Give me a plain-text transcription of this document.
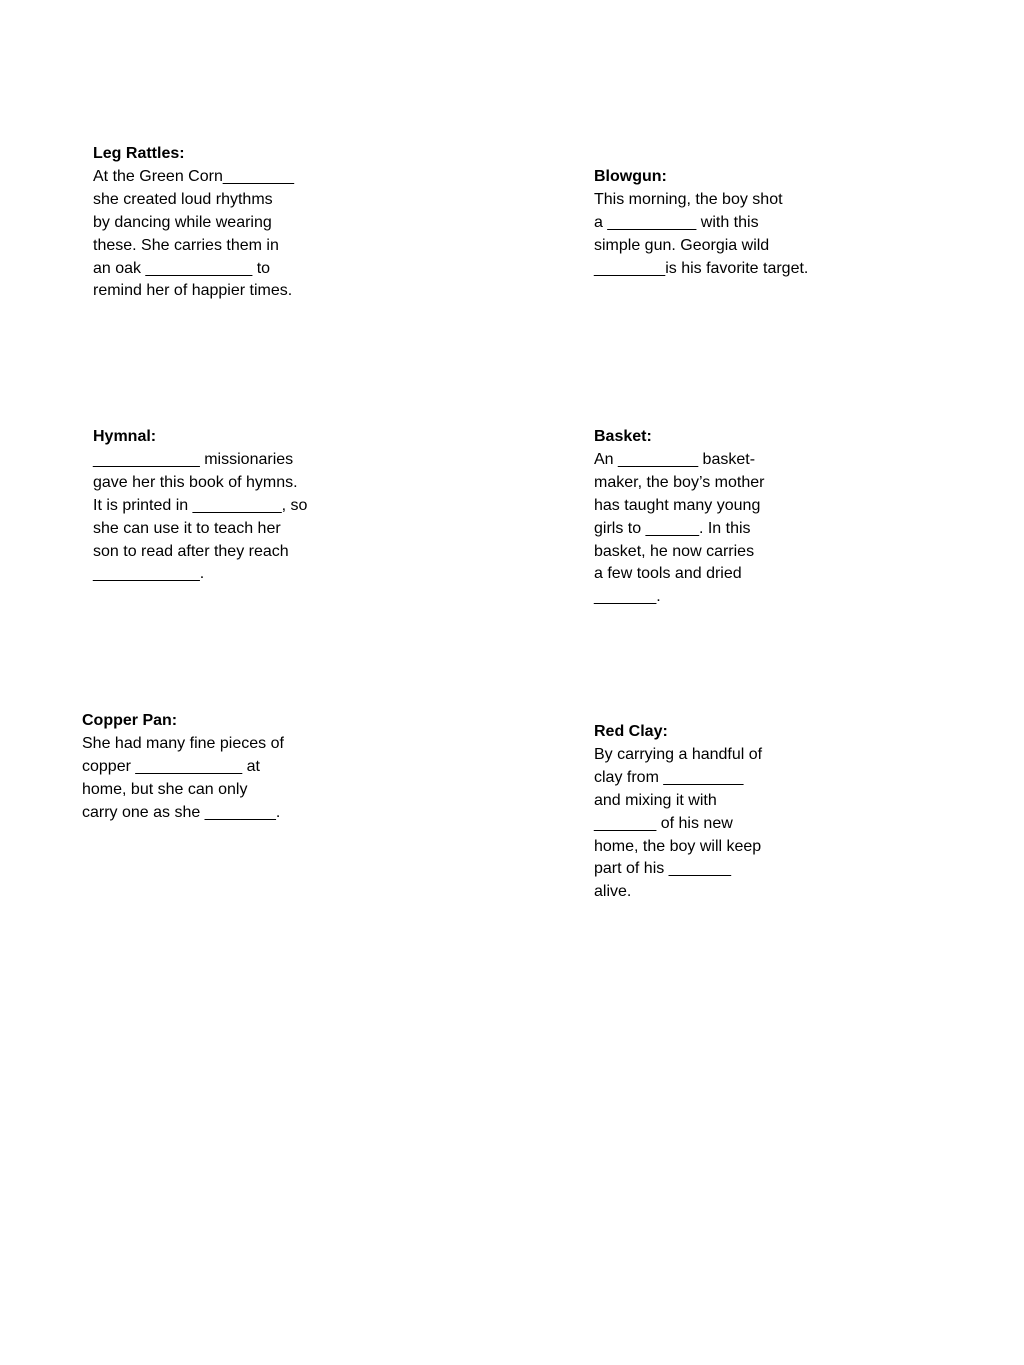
Leg Rattles:
At the Green Corn________
she created loud rhythms
by dancing while wearing
these. She carries them in
an oak ____________ to
remind her of happier times.
Blowgun:
This morning, the boy shot
a __________ with this
simple gun. Georgia wild
________is his favorite target.
Hymnal:
____________ missionaries
gave her this book of hymns.
It is printed in __________, so
she can use it to teach her
son to read after they reach
____________.
Basket:
An _________ basket-
maker, the boy’s mother
has taught many young
girls to ______. In this
basket, he now carries
a few tools and dried
_______.
Copper Pan:
She had many fine pieces of
copper ____________ at
home, but she can only
carry one as she ________.
Red Clay:
By carrying a handful of
clay from _________
and mixing it with
_______ of his new
home, the boy will keep
part of his _______
alive.
